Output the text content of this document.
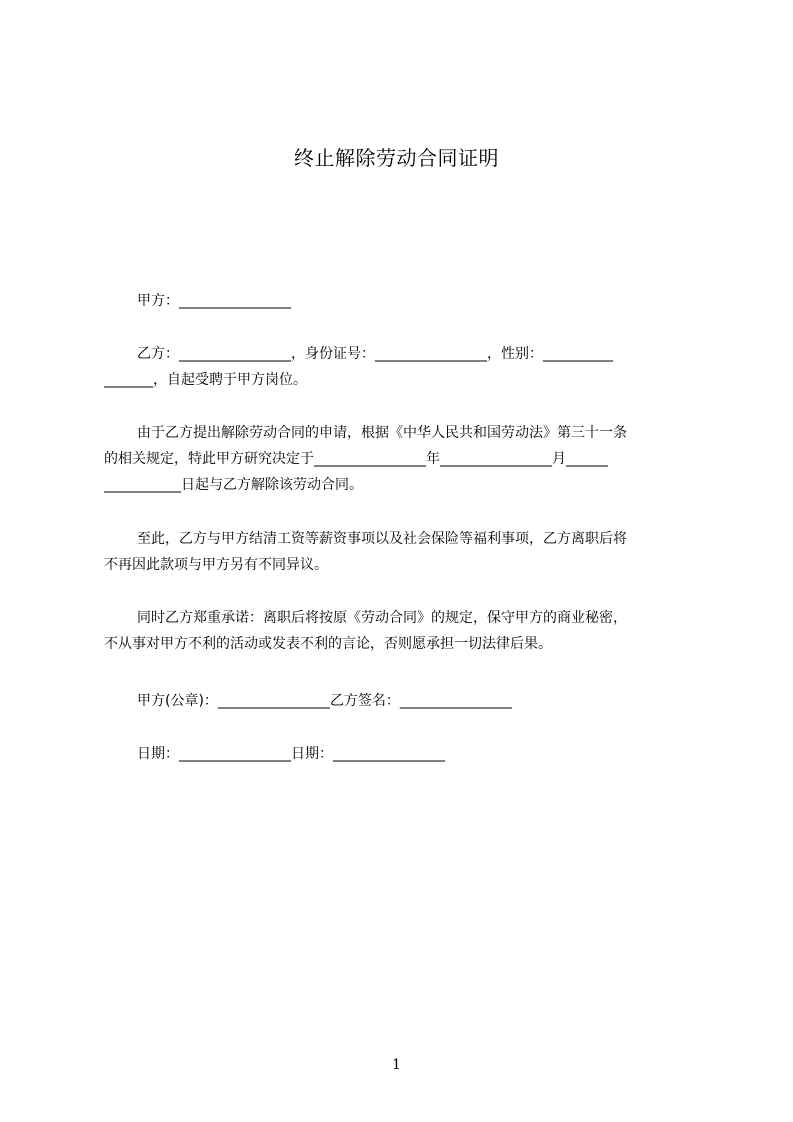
终止解除劳动合同证明
甲方：________________
乙方：________________，身份证号：________________，性别：__________
_______，自起受聘于甲方岗位。
由于乙方提出解除劳动合同的申请，根据《中华人民共和国劳动法》第三十一条
的相关规定，特此甲方研究决定于________________年________________月______
___________日起与乙方解除该劳动合同。
至此，乙方与甲方结清工资等薪资事项以及社会保险等福利事项，乙方离职后将
不再因此款项与甲方另有不同异议。
同时乙方郑重承诺：离职后将按原《劳动合同》的规定，保守甲方的商业秘密，
不从事对甲方不利的活动或发表不利的言论，否则愿承担一切法律后果。
甲方(公章)：________________乙方签名：________________
日期：________________日期：________________
1
